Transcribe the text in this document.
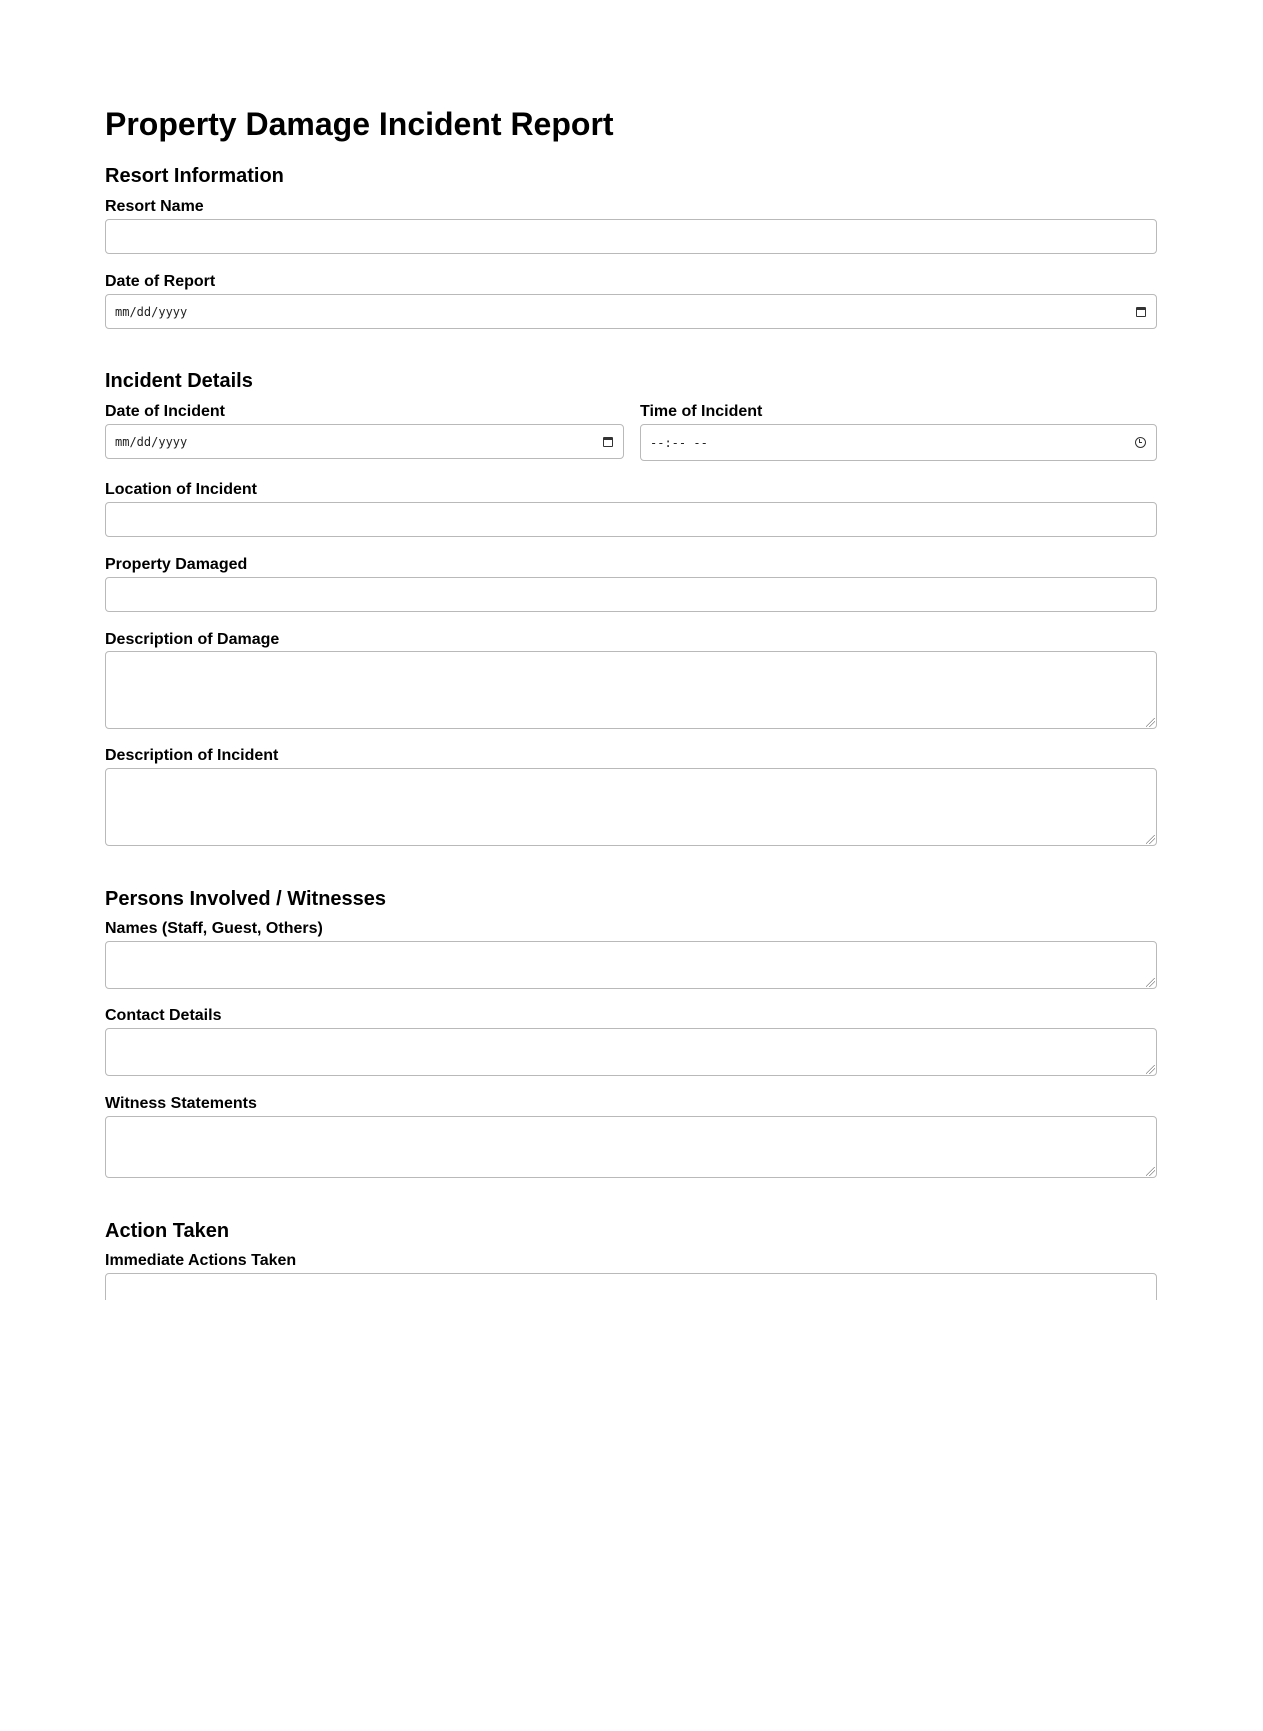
Property Damage Incident Report
Resort Information
Resort Name
Date of Report
mm/dd/yyyy
Incident Details
Date of Incident
mm/dd/yyyy
Time of Incident
--:-- --
Location of Incident
Property Damaged
Description of Damage
Description of Incident
Persons Involved / Witnesses
Names (Staff, Guest, Others)
Contact Details
Witness Statements
Action Taken
Immediate Actions Taken
